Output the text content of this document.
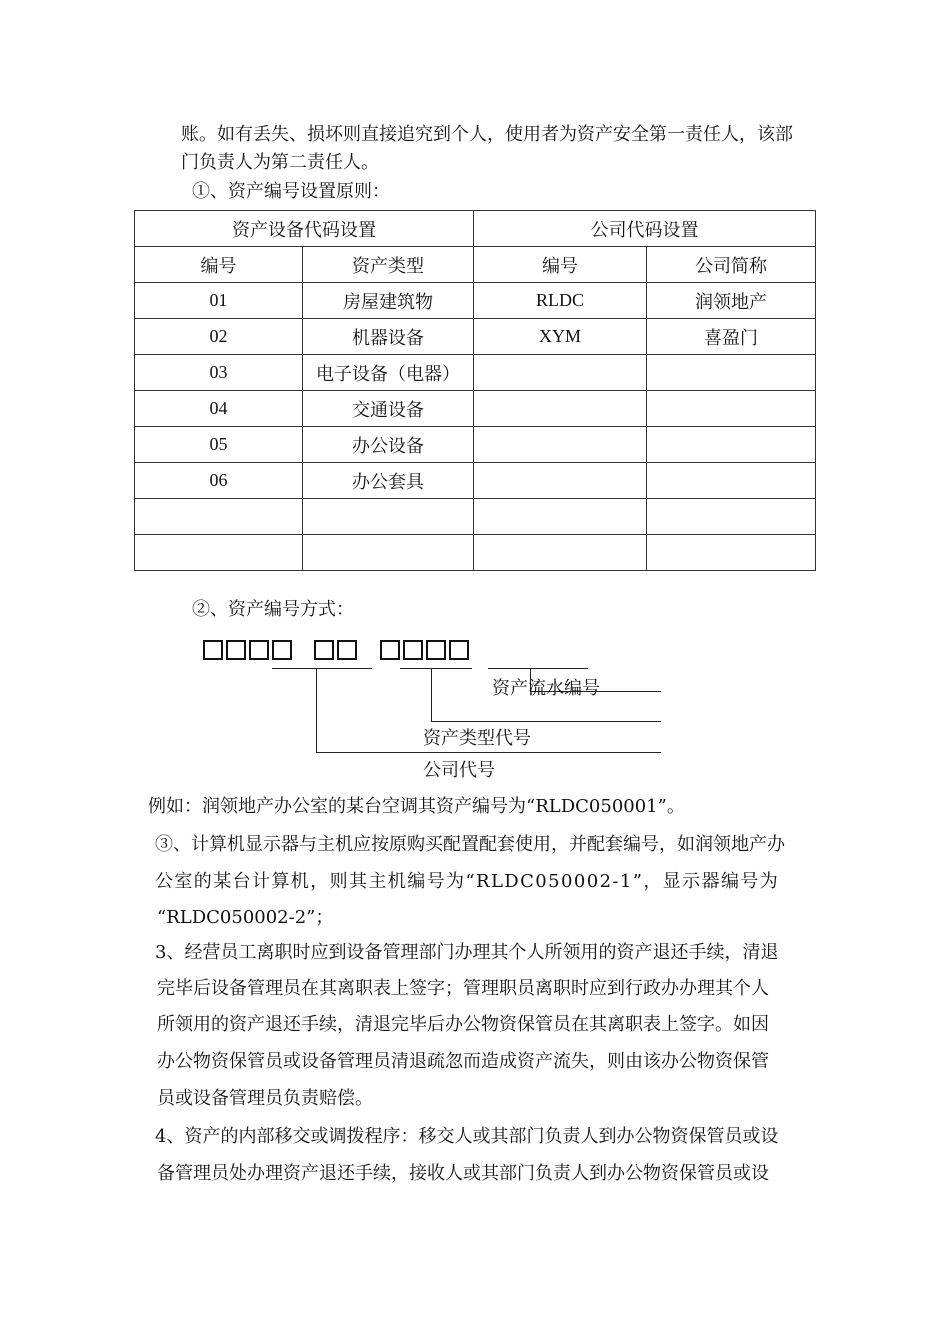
账。如有丢失、损坏则直接追究到个人，使用者为资产安全第一责任人，该部
门负责人为第二责任人。
①、资产编号设置原则：
资产设备代码设置		公司代码设置	
编号	资产类型	编号	公司简称
01	房屋建筑物	RLDC	润领地产
02	机器设备	XYM	喜盈门
03	电子设备（电器）		
04	交通设备		
05	办公设备		
06	办公套具		

②、资产编号方式：
资产流水编号
资产类型代号
公司代号
例如：润领地产办公室的某台空调其资产编号为“RLDC050001”。
③、计算机显示器与主机应按原购买配置配套使用，并配套编号，如润领地产办
公室的某台计算机，则其主机编号为“RLDC050002-1”，显示器编号为
“RLDC050002-2”；
3、经营员工离职时应到设备管理部门办理其个人所领用的资产退还手续，清退
完毕后设备管理员在其离职表上签字；管理职员离职时应到行政办办理其个人
所领用的资产退还手续，清退完毕后办公物资保管员在其离职表上签字。如因
办公物资保管员或设备管理员清退疏忽而造成资产流失，则由该办公物资保管
员或设备管理员负责赔偿。
4、资产的内部移交或调拨程序：移交人或其部门负责人到办公物资保管员或设
备管理员处办理资产退还手续，接收人或其部门负责人到办公物资保管员或设
